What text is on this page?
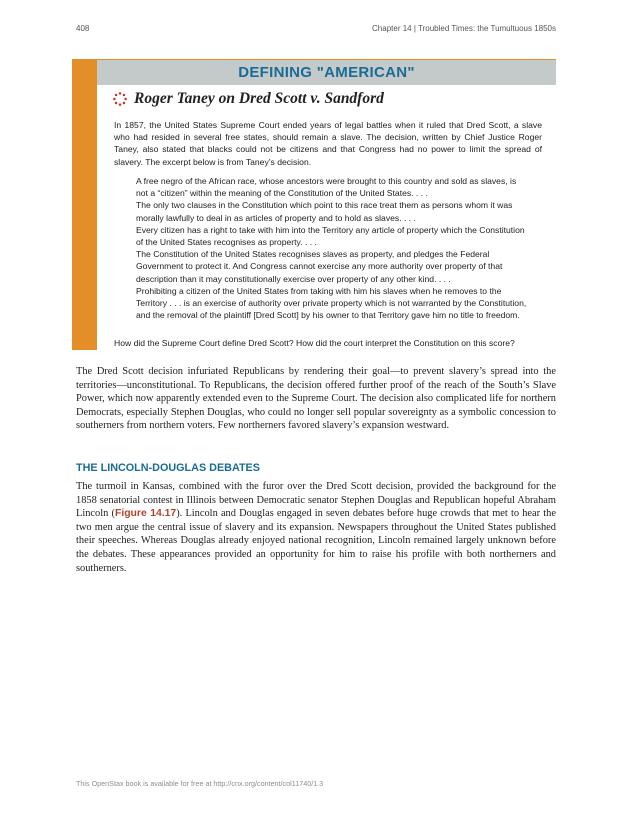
408	Chapter 14 | Troubled Times: the Tumultuous 1850s
DEFINING "AMERICAN"
Roger Taney on Dred Scott v. Sandford
In 1857, the United States Supreme Court ended years of legal battles when it ruled that Dred Scott, a slave who had resided in several free states, should remain a slave. The decision, written by Chief Justice Roger Taney, also stated that blacks could not be citizens and that Congress had no power to limit the spread of slavery. The excerpt below is from Taney’s decision.

A free negro of the African race, whose ancestors were brought to this country and sold as slaves, is not a “citizen” within the meaning of the Constitution of the United States. . . .

The only two clauses in the Constitution which point to this race treat them as persons whom it was morally lawfully to deal in as articles of property and to hold as slaves. . . .

Every citizen has a right to take with him into the Territory any article of property which the Constitution of the United States recognises as property. . . .

The Constitution of the United States recognises slaves as property, and pledges the Federal Government to protect it. And Congress cannot exercise any more authority over property of that description than it may constitutionally exercise over property of any other kind. . . .

Prohibiting a citizen of the United States from taking with him his slaves when he removes to the Territory . . . is an exercise of authority over private property which is not warranted by the Constitution, and the removal of the plaintiff [Dred Scott] by his owner to that Territory gave him no title to freedom.

How did the Supreme Court define Dred Scott? How did the court interpret the Constitution on this score?

The Dred Scott decision infuriated Republicans by rendering their goal—to prevent slavery’s spread into the territories—unconstitutional. To Republicans, the decision offered further proof of the reach of the South’s Slave Power, which now apparently extended even to the Supreme Court. The decision also complicated life for northern Democrats, especially Stephen Douglas, who could no longer sell popular sovereignty as a symbolic concession to southerners from northern voters. Few northerners favored slavery’s expansion westward.

THE LINCOLN-DOUGLAS DEBATES

The turmoil in Kansas, combined with the furor over the Dred Scott decision, provided the background for the 1858 senatorial contest in Illinois between Democratic senator Stephen Douglas and Republican hopeful Abraham Lincoln (Figure 14.17). Lincoln and Douglas engaged in seven debates before huge crowds that met to hear the two men argue the central issue of slavery and its expansion. Newspapers throughout the United States published their speeches. Whereas Douglas already enjoyed national recognition, Lincoln remained largely unknown before the debates. These appearances provided an opportunity for him to raise his profile with both northerners and southerners.

This OpenStax book is available for free at http://cnx.org/content/col11740/1.3
